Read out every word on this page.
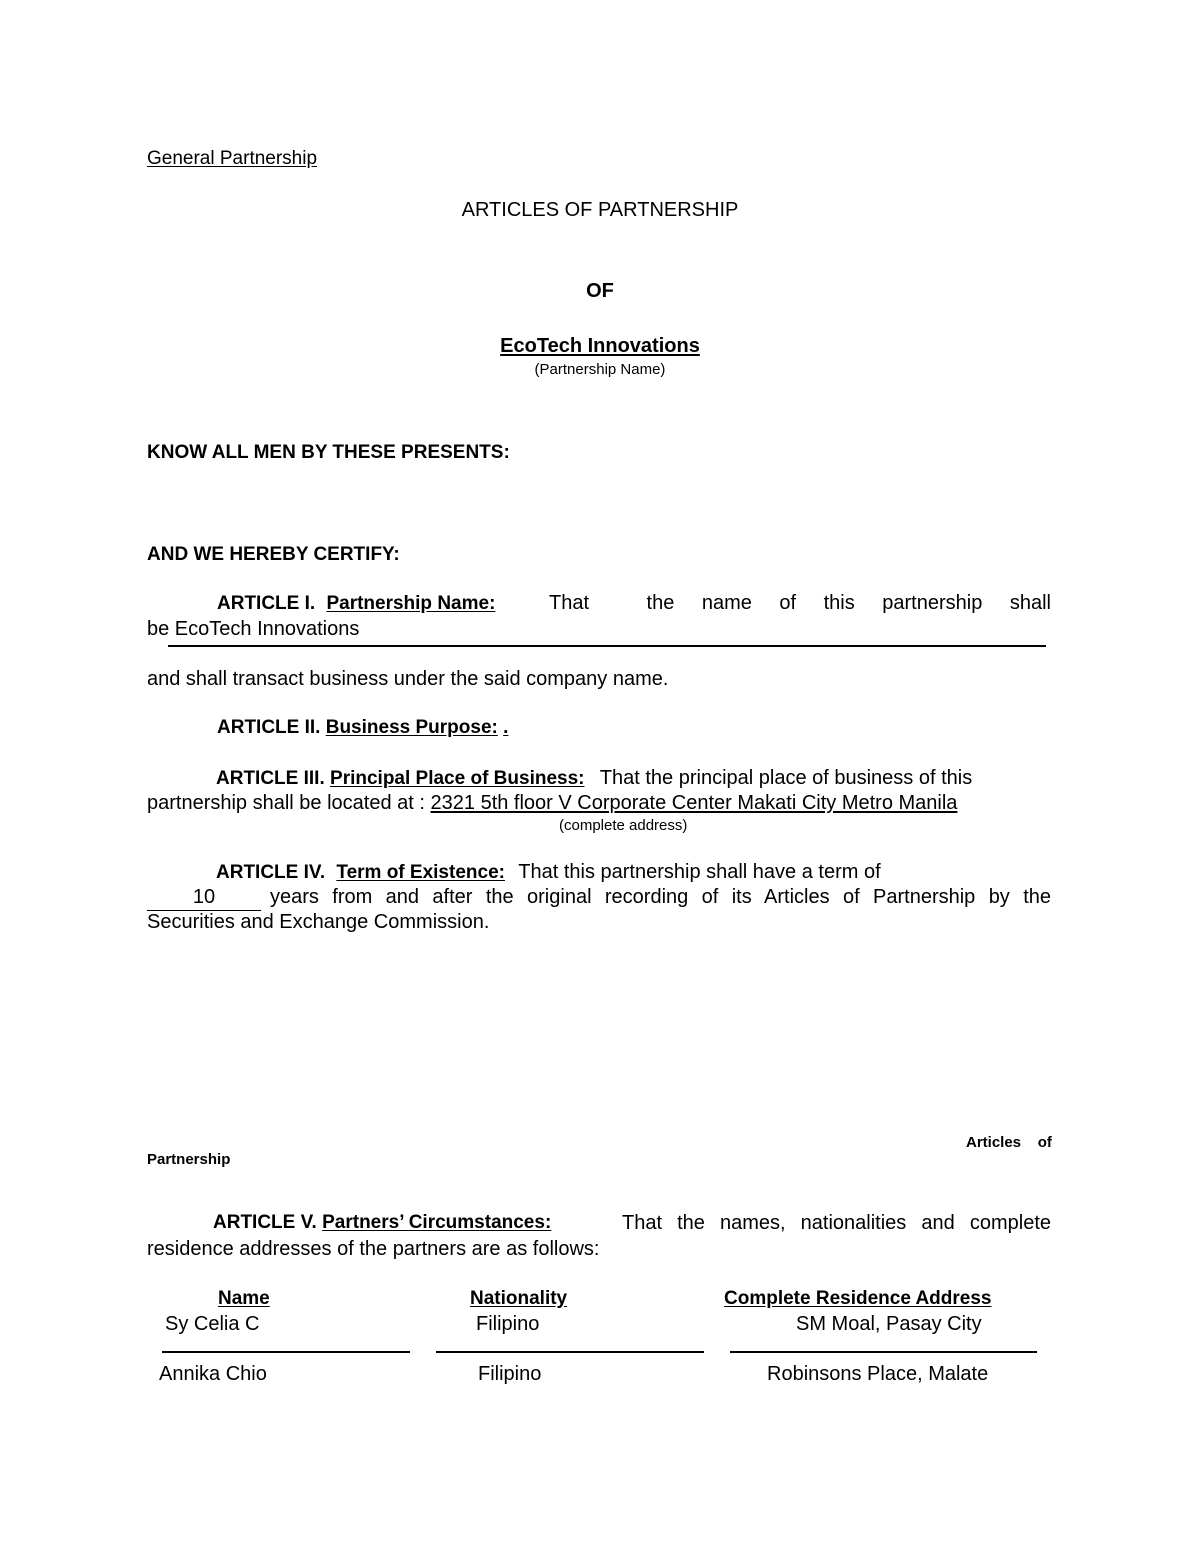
General Partnership
ARTICLES OF PARTNERSHIP
OF
EcoTech Innovations
(Partnership Name)
KNOW ALL MEN BY THESE PRESENTS:
AND WE HEREBY CERTIFY:
ARTICLE I. Partnership Name:	That	the name of this partnership shall
be EcoTech Innovations
and shall transact business under the said company name.
ARTICLE II. Business Purpose: .
ARTICLE III. Principal Place of Business: That the principal place of business of this
partnership shall be located at : 2321 5th floor V Corporate Center Makati City Metro Manila
(complete address)
ARTICLE IV. Term of Existence: That this partnership shall have a term of
10	years from and after the original recording of its Articles of Partnership by the
Securities and Exchange Commission.
Articles    of
Partnership
ARTICLE V. Partners’ Circumstances:	That the names, nationalities and complete
residence addresses of the partners are as follows:
Name	Nationality	Complete Residence Address
Sy Celia C	Filipino	SM Moal, Pasay City
Annika Chio	Filipino	Robinsons Place, Malate
